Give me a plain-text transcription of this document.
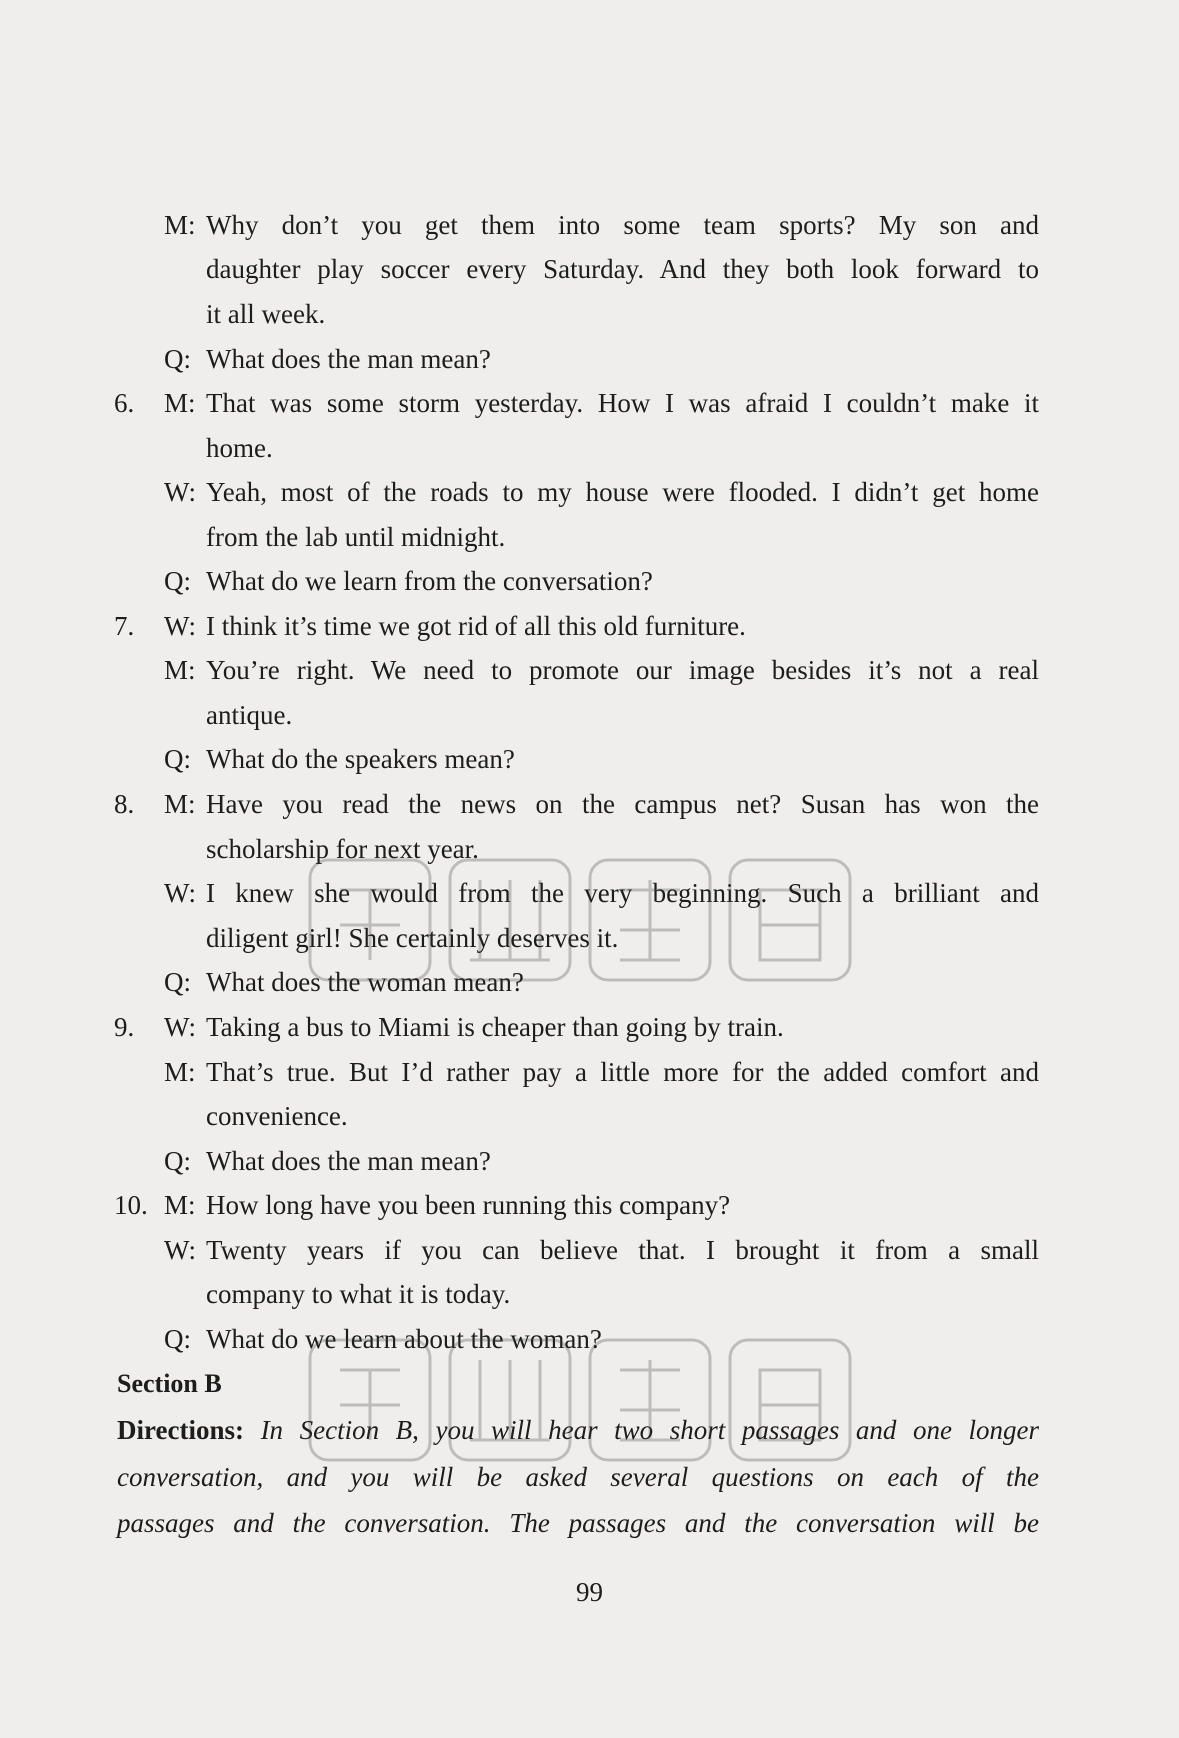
M: Why don’t you get them into some team sports? My son and
daughter play soccer every Saturday. And they both look forward to
it all week.
Q: What does the man mean?
6. M: That was some storm yesterday. How I was afraid I couldn’t make it
home.
W: Yeah, most of the roads to my house were flooded. I didn’t get home
from the lab until midnight.
Q: What do we learn from the conversation?
7. W: I think it’s time we got rid of all this old furniture.
M: You’re right. We need to promote our image besides it’s not a real
antique.
Q: What do the speakers mean?
8. M: Have you read the news on the campus net? Susan has won the
scholarship for next year.
W: I knew she would from the very beginning. Such a brilliant and
diligent girl! She certainly deserves it.
Q: What does the woman mean?
9. W: Taking a bus to Miami is cheaper than going by train.
M: That’s true. But I’d rather pay a little more for the added comfort and
convenience.
Q: What does the man mean?
10. M: How long have you been running this company?
W: Twenty years if you can believe that. I brought it from a small
company to what it is today.
Q: What do we learn about the woman?
Section B
Directions: In Section B, you will hear two short passages and one longer
conversation, and you will be asked several questions on each of the
passages and the conversation. The passages and the conversation will be
99
